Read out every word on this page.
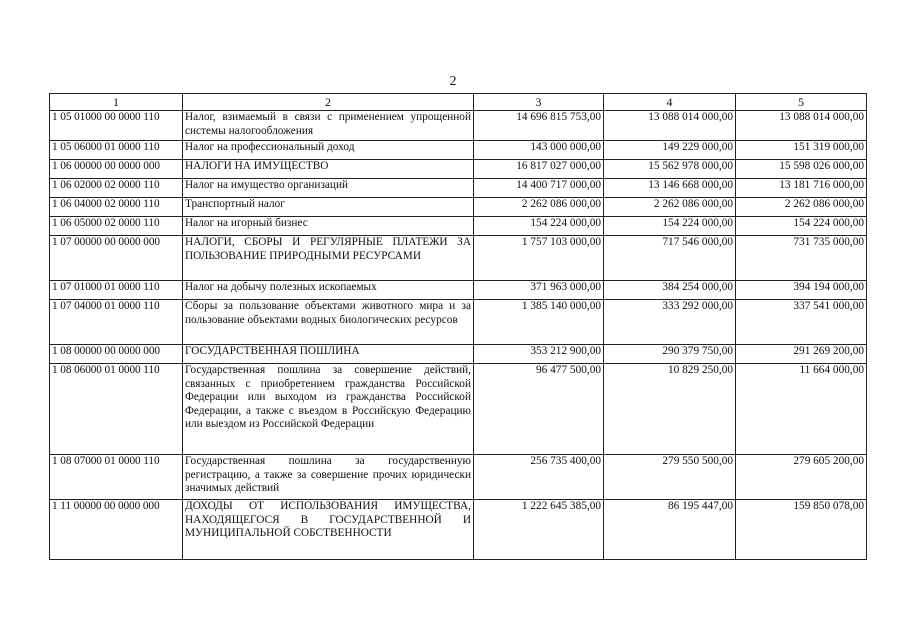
2
1	2	3	4	5
1 05 01000 00 0000 110	Налог, взимаемый в связи с применением упрощенной системы налогообложения	14 696 815 753,00	13 088 014 000,00	13 088 014 000,00
1 05 06000 01 0000 110	Налог на профессиональный доход	143 000 000,00	149 229 000,00	151 319 000,00
1 06 00000 00 0000 000	НАЛОГИ НА ИМУЩЕСТВО	16 817 027 000,00	15 562 978 000,00	15 598 026 000,00
1 06 02000 02 0000 110	Налог на имущество организаций	14 400 717 000,00	13 146 668 000,00	13 181 716 000,00
1 06 04000 02 0000 110	Транспортный налог	2 262 086 000,00	2 262 086 000,00	2 262 086 000,00
1 06 05000 02 0000 110	Налог на игорный бизнес	154 224 000,00	154 224 000,00	154 224 000,00
1 07 00000 00 0000 000	НАЛОГИ, СБОРЫ И РЕГУЛЯРНЫЕ ПЛАТЕЖИ ЗА ПОЛЬЗОВАНИЕ ПРИРОДНЫМИ РЕСУРСАМИ	1 757 103 000,00	717 546 000,00	731 735 000,00
1 07 01000 01 0000 110	Налог на добычу полезных ископаемых	371 963 000,00	384 254 000,00	394 194 000,00
1 07 04000 01 0000 110	Сборы за пользование объектами животного мира и за пользование объектами водных биологических ресурсов	1 385 140 000,00	333 292 000,00	337 541 000,00
1 08 00000 00 0000 000	ГОСУДАРСТВЕННАЯ ПОШЛИНА	353 212 900,00	290 379 750,00	291 269 200,00
1 08 06000 01 0000 110	Государственная пошлина за совершение действий, связанных с приобретением гражданства Российской Федерации или выходом из гражданства Российской Федерации, а также с въездом в Российскую Федерацию или выездом из Российской Федерации	96 477 500,00	10 829 250,00	11 664 000,00
1 08 07000 01 0000 110	Государственная пошлина за государственную регистрацию, а также за совершение прочих юридически значимых действий	256 735 400,00	279 550 500,00	279 605 200,00
1 11 00000 00 0000 000	ДОХОДЫ ОТ ИСПОЛЬЗОВАНИЯ ИМУЩЕСТВА, НАХОДЯЩЕГОСЯ В ГОСУДАРСТВЕННОЙ И МУНИЦИПАЛЬНОЙ СОБСТВЕННОСТИ	1 222 645 385,00	86 195 447,00	159 850 078,00
